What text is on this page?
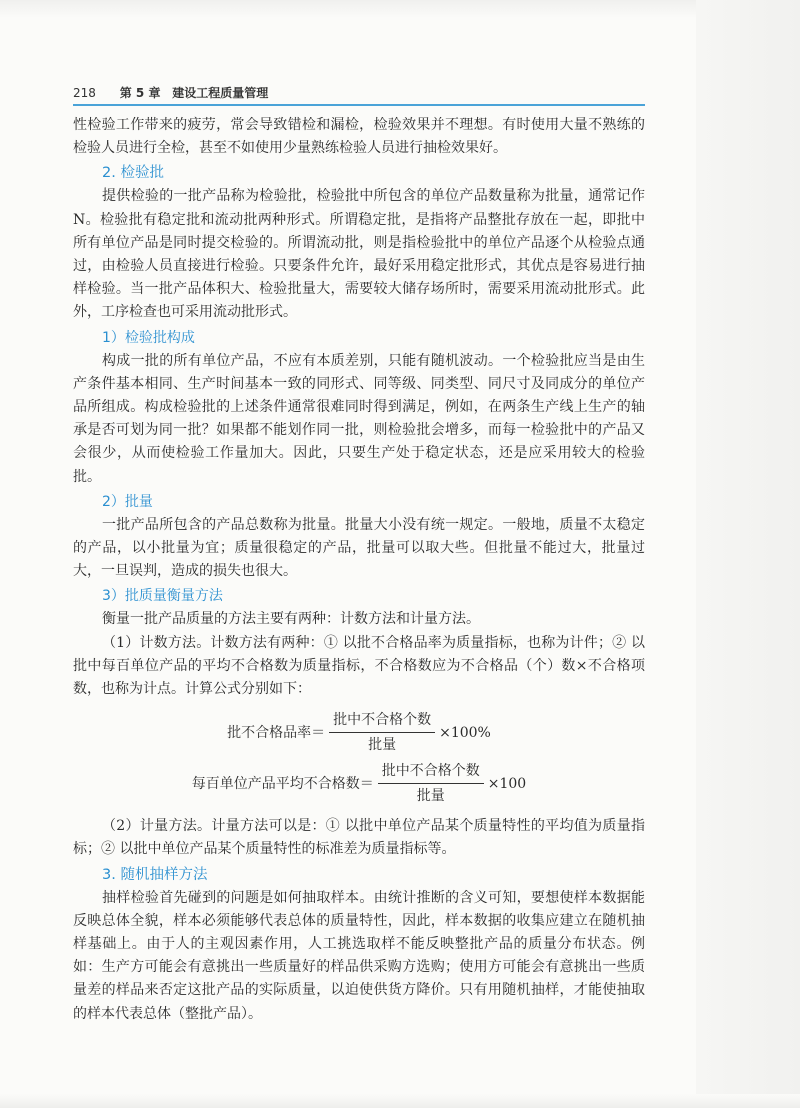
218 第 5 章 建设工程质量管理

性检验工作带来的疲劳，常会导致错检和漏检，检验效果并不理想。有时使用大量不熟练的检验人员进行全检，甚至不如使用少量熟练检验人员进行抽检效果好。

2. 检验批

提供检验的一批产品称为检验批，检验批中所包含的单位产品数量称为批量，通常记作 N。检验批有稳定批和流动批两种形式。所谓稳定批，是指将产品整批存放在一起，即批中所有单位产品是同时提交检验的。所谓流动批，则是指检验批中的单位产品逐个从检验点通过，由检验人员直接进行检验。只要条件允许，最好采用稳定批形式，其优点是容易进行抽样检验。当一批产品体积大、检验批量大，需要较大储存场所时，需要采用流动批形式。此外，工序检查也可采用流动批形式。

1）检验批构成

构成一批的所有单位产品，不应有本质差别，只能有随机波动。一个检验批应当是由生产条件基本相同、生产时间基本一致的同形式、同等级、同类型、同尺寸及同成分的单位产品所组成。构成检验批的上述条件通常很难同时得到满足，例如，在两条生产线上生产的轴承是否可划为同一批？如果都不能划作同一批，则检验批会增多，而每一检验批中的产品又会很少，从而使检验工作量加大。因此，只要生产处于稳定状态，还是应采用较大的检验批。

2）批量

一批产品所包含的产品总数称为批量。批量大小没有统一规定。一般地，质量不太稳定的产品，以小批量为宜；质量很稳定的产品，批量可以取大些。但批量不能过大，批量过大，一旦误判，造成的损失也很大。

3）批质量衡量方法

衡量一批产品质量的方法主要有两种：计数方法和计量方法。

（1）计数方法。计数方法有两种：① 以批不合格品率为质量指标，也称为计件；② 以批中每百单位产品的平均不合格数为质量指标，不合格数应为不合格品（个）数×不合格项数，也称为计点。计算公式分别如下：

批不合格品率＝ $\frac{\text{批中不合格个数}}{\text{批量}} \times 100\%$
每百单位产品平均不合格数＝ $\frac{\text{批中不合格个数}}{\text{批量}} \times 100$

（2）计量方法。计量方法可以是：① 以批中单位产品某个质量特性的平均值为质量指标；② 以批中单位产品某个质量特性的标准差为质量指标等。

3. 随机抽样方法

抽样检验首先碰到的问题是如何抽取样本。由统计推断的含义可知，要想使样本数据能反映总体全貌，样本必须能够代表总体的质量特性，因此，样本数据的收集应建立在随机抽样基础上。由于人的主观因素作用，人工挑选取样不能反映整批产品的质量分布状态。例如：生产方可能会有意挑出一些质量好的样品供采购方选购；使用方可能会有意挑出一些质量差的样品来否定这批产品的实际质量，以迫使供货方降价。只有用随机抽样，才能使抽取的样本代表总体（整批产品）。
